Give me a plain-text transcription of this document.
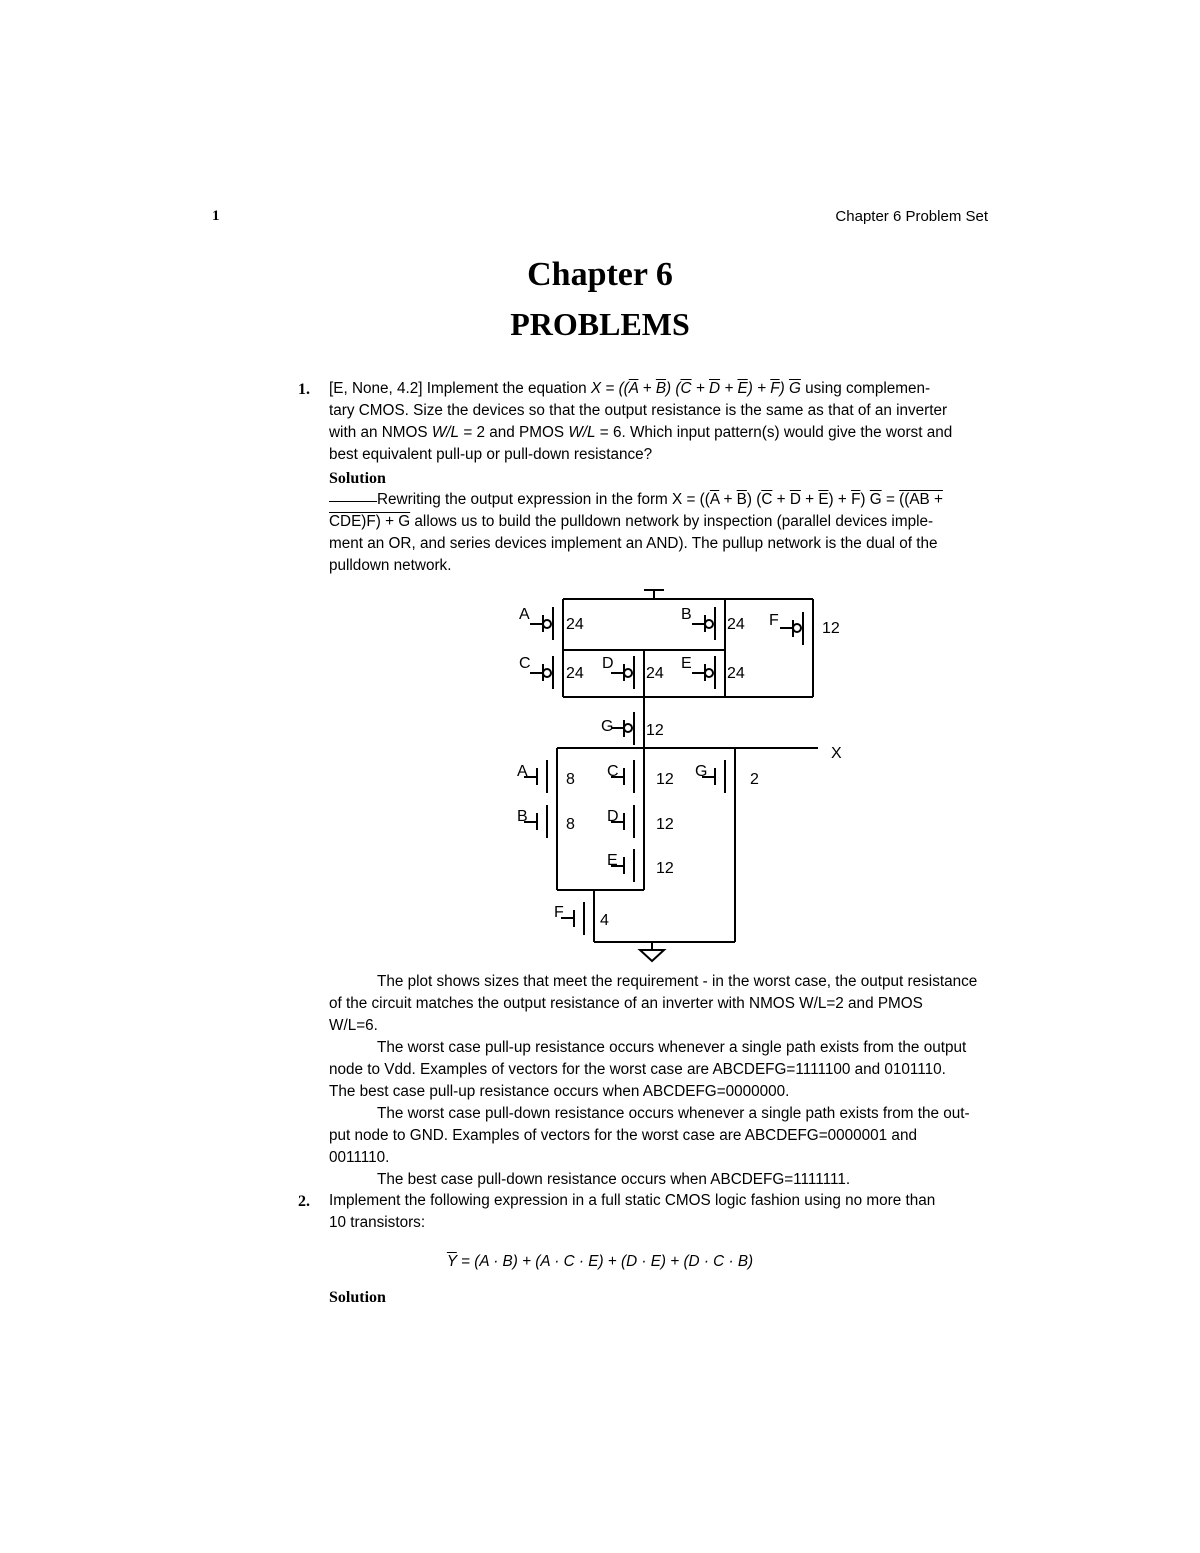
1	Chapter 6 Problem Set
Chapter 6
PROBLEMS
1. [E, None, 4.2] Implement the equation $X = ((\overline{A} + \overline{B}) (\overline{C} + \overline{D} + \overline{E}) + \overline{F})$ $\overline{G}$ using complemen-
tary CMOS. Size the devices so that the output resistance is the same as that of an inverter
with an NMOS W/L = 2 and PMOS W/L = 6. Which input pattern(s) would give the worst and
best equivalent pull-up or pull-down resistance?
Solution
Rewriting the output expression in the form $X = ((\overline{A} + \overline{B}) (\overline{C} + \overline{D} + \overline{E}) + \overline{F}) \overline{G} = ((AB$ +
CDE)F) + G allows us to build the pulldown network by inspection (parallel devices imple-
ment an OR, and series devices implement an AND). The pullup network is the dual of the
pulldown network.
A
24
B
24 F	12
C
24
D
24
E
24
G 12
X
A 8
B 8
C 12
D 12
E 12
G	2
F 4
The plot shows sizes that meet the requirement - in the worst case, the output resistance
of the circuit matches the output resistance of an inverter with NMOS W/L=2 and PMOS
W/L=6.
The worst case pull-up resistance occurs whenever a single path exists from the output
node to Vdd. Examples of vectors for the worst case are ABCDEFG=1111100 and 0101110.
The best case pull-up resistance occurs when ABCDEFG=0000000.
The worst case pull-down resistance occurs whenever a single path exists from the out-
put node to GND. Examples of vectors for the worst case are ABCDEFG=0000001 and
0011110.
The best case pull-down resistance occurs when ABCDEFG=1111111.
2. Implement the following expression in a full static CMOS logic fashion using no more than
10 transistors:
$\overline{Y} = (A \cdot B) + (A \cdot C \cdot E) + (D \cdot E) + (D \cdot C \cdot B)$
Solution
